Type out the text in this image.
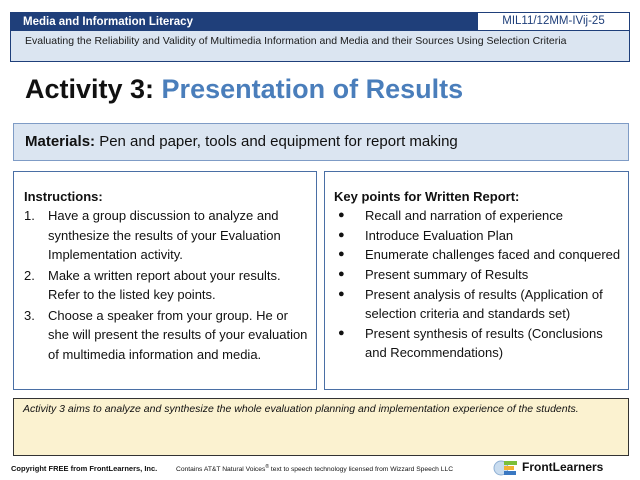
Media and Information Literacy	MIL11/12MM-IVij-25
Evaluating the Reliability and Validity of Multimedia Information and Media and their Sources Using Selection Criteria
Activity 3: Presentation of Results
Materials: Pen and paper, tools and equipment for report making
Instructions:
1. Have a group discussion to analyze and synthesize the results of your Evaluation Implementation activity.
2. Make a written report about your results. Refer to the listed key points.
3. Choose a speaker from your group. He or she will present the results of your evaluation of multimedia information and media.
Key points for Written Report:
● Recall and narration of experience
● Introduce Evaluation Plan
● Enumerate challenges faced and conquered
● Present summary of Results
● Present analysis of results (Application of selection criteria and standards set)
● Present synthesis of results (Conclusions and Recommendations)
Activity 3 aims to analyze and synthesize the whole evaluation planning and implementation experience of the students.
Copyright FREE from FrontLearners, Inc.	Contains AT&T Natural Voices® text to speech technology licensed from Wizzard Speech LLC	FrontLearners
